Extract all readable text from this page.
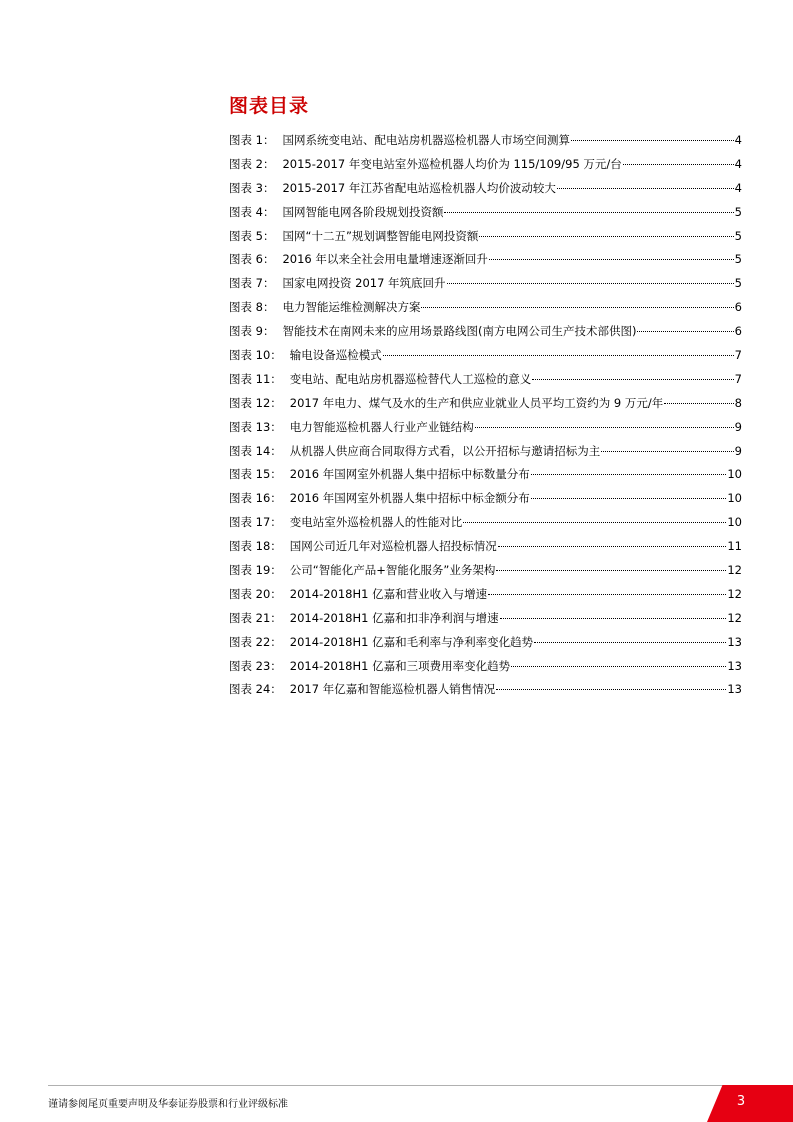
图表目录
图表 1： 国网系统变电站、配电站房机器巡检机器人市场空间测算	4
图表 2： 2015-2017 年变电站室外巡检机器人均价为 115/109/95 万元/台	4
图表 3： 2015-2017 年江苏省配电站巡检机器人均价波动较大	4
图表 4： 国网智能电网各阶段规划投资额	5
图表 5： 国网“十二五”规划调整智能电网投资额	5
图表 6： 2016 年以来全社会用电量增速逐渐回升	5
图表 7： 国家电网投资 2017 年筑底回升	5
图表 8： 电力智能运维检测解决方案	6
图表 9： 智能技术在南网未来的应用场景路线图(南方电网公司生产技术部供图)	6
图表 10： 输电设备巡检模式	7
图表 11： 变电站、配电站房机器巡检替代人工巡检的意义	7
图表 12： 2017 年电力、煤气及水的生产和供应业就业人员平均工资约为 9 万元/年	8
图表 13： 电力智能巡检机器人行业产业链结构	9
图表 14： 从机器人供应商合同取得方式看，以公开招标与邀请招标为主	9
图表 15： 2016 年国网室外机器人集中招标中标数量分布	10
图表 16： 2016 年国网室外机器人集中招标中标金额分布	10
图表 17： 变电站室外巡检机器人的性能对比	10
图表 18： 国网公司近几年对巡检机器人招投标情况	11
图表 19： 公司“智能化产品+智能化服务”业务架构	12
图表 20： 2014-2018H1 亿嘉和营业收入与增速	12
图表 21： 2014-2018H1 亿嘉和扣非净利润与增速	12
图表 22： 2014-2018H1 亿嘉和毛利率与净利率变化趋势	13
图表 23： 2014-2018H1 亿嘉和三项费用率变化趋势	13
图表 24： 2017 年亿嘉和智能巡检机器人销售情况	13
谨请参阅尾页重要声明及华泰证券股票和行业评级标准	3
